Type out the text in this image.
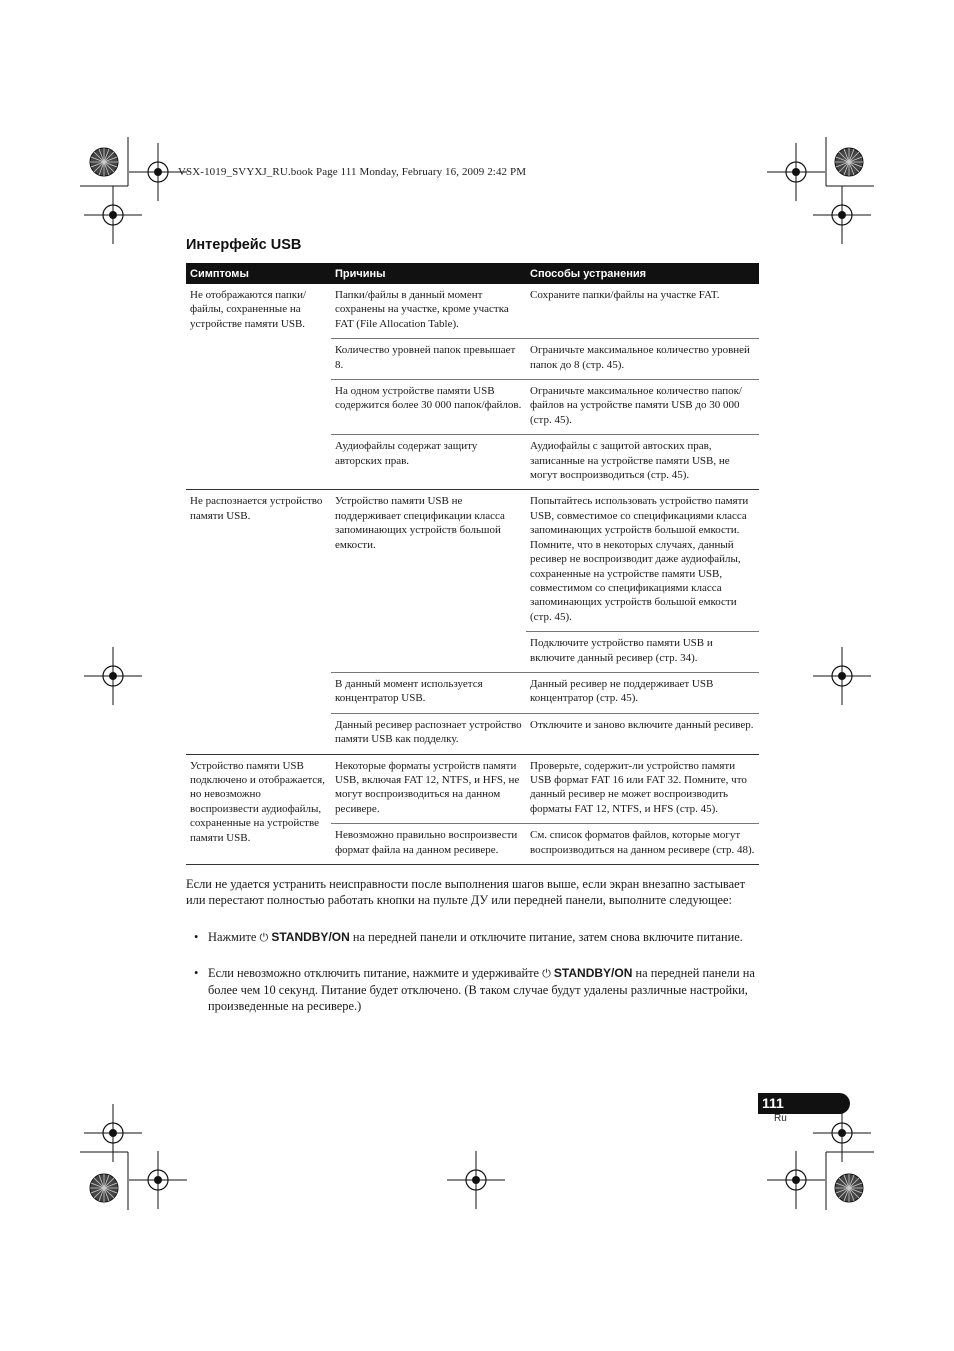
VSX-1019_SVYXJ_RU.book Page 111 Monday, February 16, 2009 2:42 PM
Интерфейс USB
Симптомы	Причины	Способы устранения
Не отображаются папки/файлы, сохраненные на устройстве памяти USB.	Папки/файлы в данный момент сохранены на участке, кроме участка FAT (File Allocation Table).	Сохраните папки/файлы на участке FAT.
	Количество уровней папок превышает 8.	Ограничьте максимальное количество уровней папок до 8 (стр. 45).
	На одном устройстве памяти USB содержится более 30 000 папок/файлов.	Ограничьте максимальное количество папок/файлов на устройстве памяти USB до 30 000 (стр. 45).
	Аудиофайлы содержат защиту авторских прав.	Аудиофайлы с защитой автоских прав, записанные на устройстве памяти USB, не могут воспроизводиться (стр. 45).
Не распознается устройство памяти USB.	Устройство памяти USB не поддерживает спецификации класса запоминающих устройств большой емкости.	Попытайтесь использовать устройство памяти USB, совместимое со спецификациями класса запоминающих устройств большой емкости. Помните, что в некоторых случаях, данный ресивер не воспроизводит даже аудиофайлы, сохраненные на устройстве памяти USB, совместимом со спецификациями класса запоминающих устройств большой емкости (стр. 45).
		Подключите устройство памяти USB и включите данный ресивер (стр. 34).
	В данный момент используется концентратор USB.	Данный ресивер не поддерживает USB концентратор (стр. 45).
	Данный ресивер распознает устройство памяти USB как подделку.	Отключите и заново включите данный ресивер.
Устройство памяти USB подключено и отображается, но невозможно воспроизвести аудиофайлы, сохраненные на устройстве памяти USB.	Некоторые форматы устройств памяти USB, включая FAT 12, NTFS, и HFS, не могут воспроизводиться на данном ресивере.	Проверьте, содержит-ли устройство памяти USB формат FAT 16 или FAT 32. Помните, что данный ресивер не может воспроизводить форматы FAT 12, NTFS, и HFS (стр. 45).
	Невозможно правильно воспроизвести формат файла на данном ресивере.	См. список форматов файлов, которые могут воспроизводиться на данном ресивере (стр. 48).

Если не удается устранить неисправности после выполнения шагов выше, если экран внезапно застывает или перестают полностью работать кнопки на пульте ДУ или передней панели, выполните следующее:

• Нажмите ⏻ STANDBY/ON на передней панели и отключите питание, затем снова включите питание.

• Если невозможно отключить питание, нажмите и удерживайте ⏻ STANDBY/ON на передней панели на более чем 10 секунд. Питание будет отключено. (В таком случае будут удалены различные настройки, произведенные на ресивере.)

111
Ru
